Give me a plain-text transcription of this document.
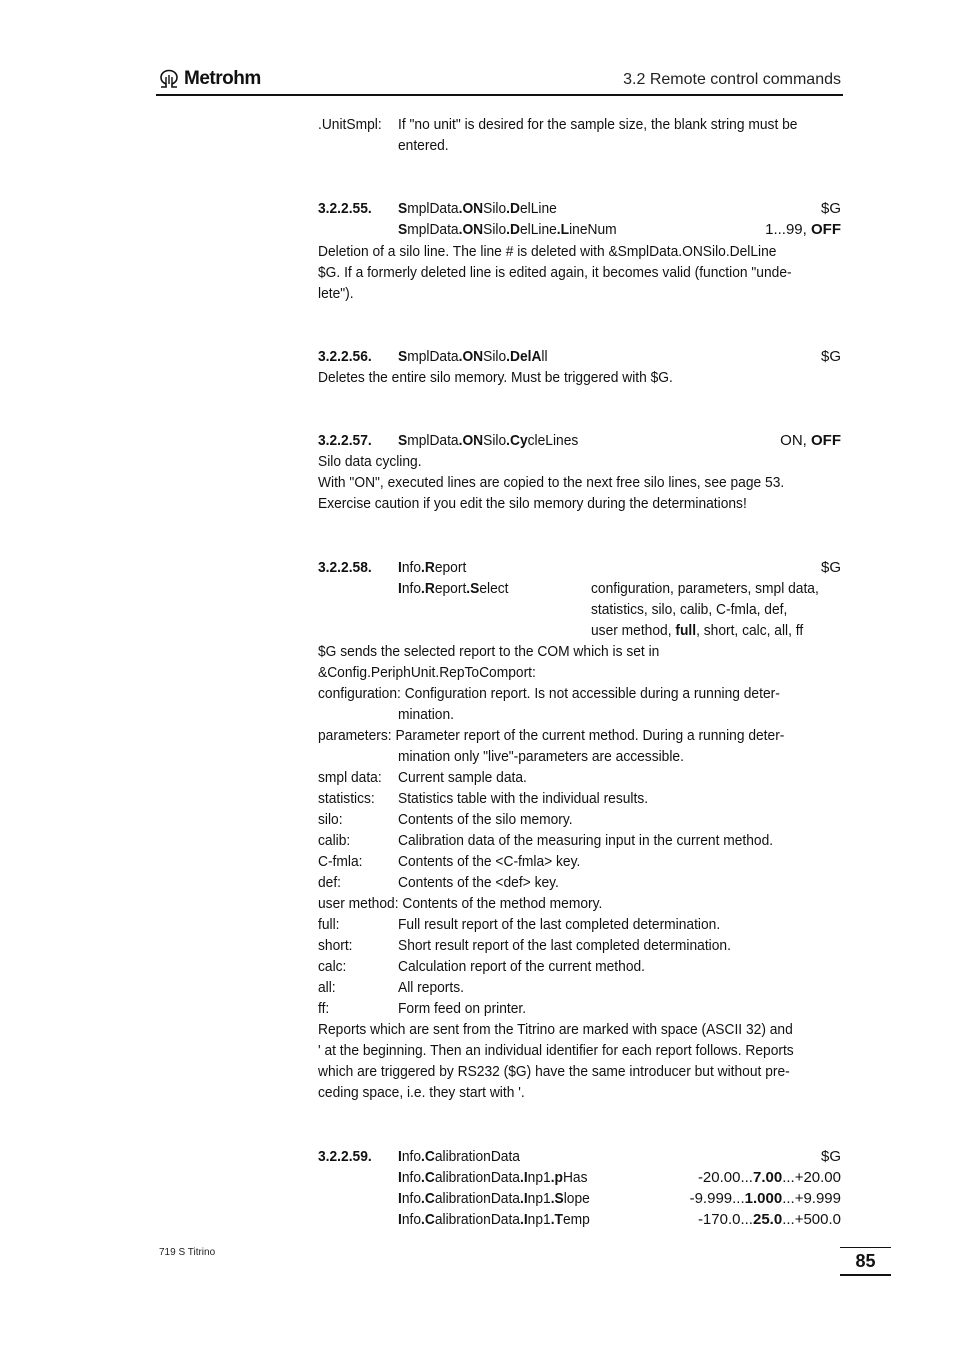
Metrohm	3.2 Remote control commands
.UnitSmpl: If "no unit" is desired for the sample size, the blank string must be
entered.
3.2.2.55. SmplData.ONSilo.DelLine	$G
SmplData.ONSilo.DelLine.LineNum	1...99, OFF
Deletion of a silo line. The line # is deleted with &SmplData.ONSilo.DelLine
$G. If a formerly deleted line is edited again, it becomes valid (function "unde-
lete").
3.2.2.56. SmplData.ONSilo.DelAll	$G
Deletes the entire silo memory. Must be triggered with $G.
3.2.2.57. SmplData.ONSilo.CycleLines	ON, OFF
Silo data cycling.
With "ON", executed lines are copied to the next free silo lines, see page 53.
Exercise caution if you edit the silo memory during the determinations!
3.2.2.58. Info.Report	$G
Info.Report.Select	configuration, parameters, smpl data,
statistics, silo, calib, C-fmla, def,
user method, full, short, calc, all, ff
$G sends the selected report to the COM which is set in
&Config.PeriphUnit.RepToComport:
configuration: Configuration report. Is not accessible during a running deter-
mination.
parameters: Parameter report of the current method. During a running deter-
mination only "live"-parameters are accessible.
smpl data: Current sample data.
statistics: Statistics table with the individual results.
silo:	Contents of the silo memory.
calib:	Calibration data of the measuring input in the current method.
C-fmla: Contents of the <C-fmla> key.
def:	Contents of the <def> key.
user method: Contents of the method memory.
full:	Full result report of the last completed determination.
short:	Short result report of the last completed determination.
calc:	Calculation report of the current method.
all:	All reports.
ff:	Form feed on printer.
Reports which are sent from the Titrino are marked with space (ASCII 32) and
' at the beginning. Then an individual identifier for each report follows. Reports
which are triggered by RS232 ($G) have the same introducer but without pre-
ceding space, i.e. they start with '.
3.2.2.59. Info.CalibrationData	$G
Info.CalibrationData.Inp1.pHas	-20.00...7.00...+20.00
Info.CalibrationData.Inp1.Slope	-9.999...1.000...+9.999
Info.CalibrationData.Inp1.Temp	-170.0...25.0...+500.0
719 S Titrino	85
